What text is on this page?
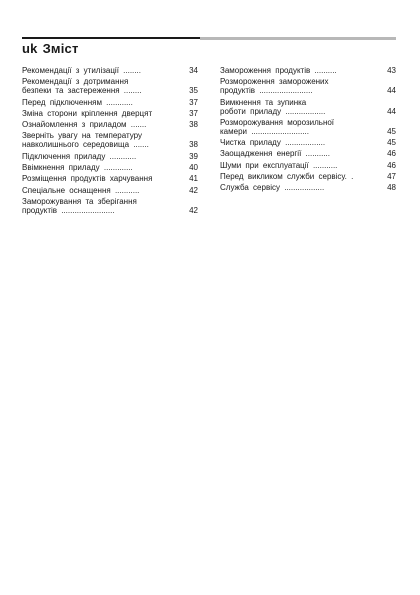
uk Зміст
Рекомендації з утилізації ........	34
Рекомендації з дотримання
безпеки та застереження ........	35
Перед підключенням ............	37
Зміна сторони кріплення дверцят	37
Ознайомлення з приладом .......	38
Зверніть увагу на температуру
навколишнього середовища .......	38
Підключення приладу ............	39
Ввімкнення приладу .............	40
Розміщення продуктів харчування	41
Спеціальне оснащення ...........	42
Заморожування та зберігання
продуктів ........................	42
Замороження продуктів ..........	43
Розмороження заморожених
продуктів ........................	44
Вимкнення та зупинка
роботи приладу ..................	44
Розморожування морозильної
камери ..........................	45
Чистка приладу ..................	45
Заощадження енергії ...........	46
Шуми при експлуатації ...........	46
Перед викликом служби сервісу. .	47
Служба сервісу ..................	48
